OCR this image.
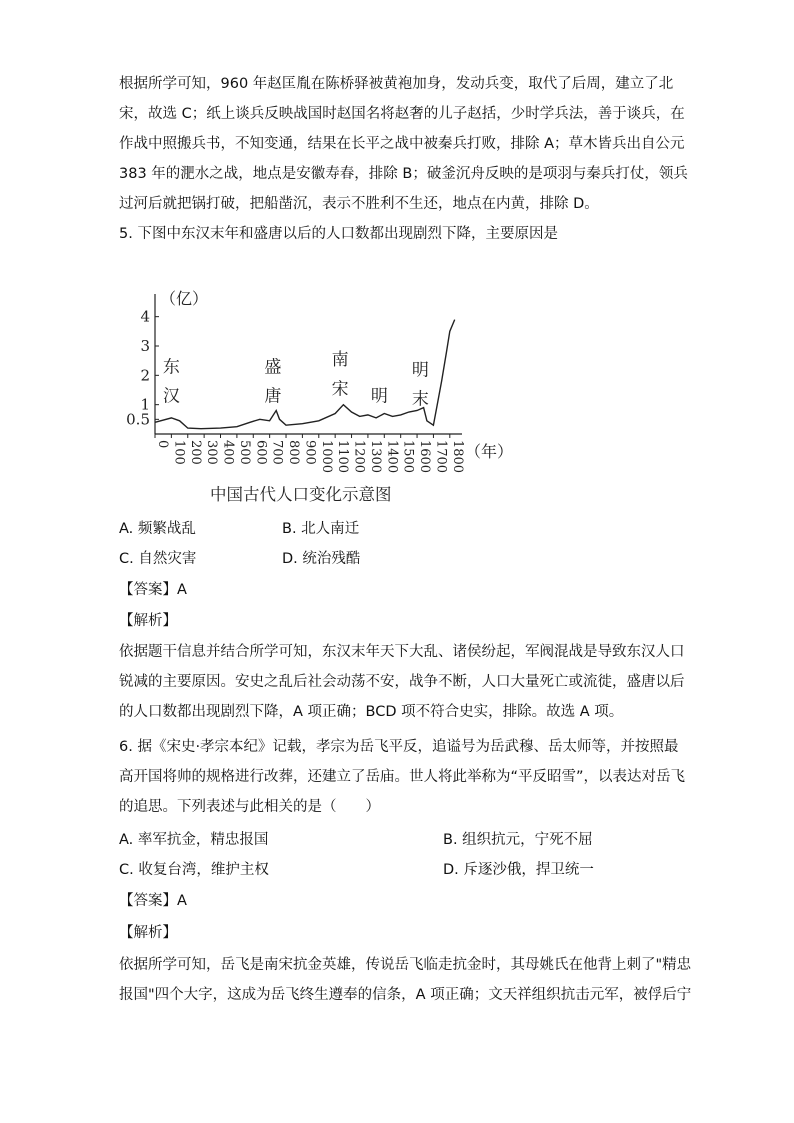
根据所学可知，960 年赵匡胤在陈桥驿被黄袍加身，发动兵变，取代了后周，建立了北
宋，故选 C；纸上谈兵反映战国时赵国名将赵奢的儿子赵括，少时学兵法，善于谈兵，在
作战中照搬兵书，不知变通，结果在长平之战中被秦兵打败，排除 A；草木皆兵出自公元
383 年的淝水之战，地点是安徽寿春，排除 B；破釜沉舟反映的是项羽与秦兵打仗，领兵
过河后就把锅打破，把船凿沉，表示不胜利不生还，地点在内黄，排除 D。
5. 下图中东汉末年和盛唐以后的人口数都出现剧烈下降，主要原因是
0.5
1
2
3
4
0 100 200 300 400 500 600 700 800 900 1000 1100 1200 1300 1400 1500 1600 1700 1800
东
汉
盛
唐
南
宋 明
明
末
（亿）
（年）
中国古代人口变化示意图
A. 频繁战乱	B. 北人南迁
C. 自然灾害	D. 统治残酷
【答案】A
【解析】
依据题干信息并结合所学可知，东汉末年天下大乱、诸侯纷起，军阀混战是导致东汉人口
锐减的主要原因。安史之乱后社会动荡不安，战争不断，人口大量死亡或流徙，盛唐以后
的人口数都出现剧烈下降，A 项正确；BCD 项不符合史实，排除。故选 A 项。
6. 据《宋史·孝宗本纪》记载，孝宗为岳飞平反，追谥号为岳武穆、岳太师等，并按照最
高开国将帅的规格进行改葬，还建立了岳庙。世人将此举称为“平反昭雪”，以表达对岳飞
的追思。下列表述与此相关的是（　　）
A. 率军抗金，精忠报国	B. 组织抗元，宁死不屈
C. 收复台湾，维护主权	D. 斥逐沙俄，捍卫统一
【答案】A
【解析】
依据所学可知，岳飞是南宋抗金英雄，传说岳飞临走抗金时，其母姚氏在他背上刺了"精忠
报国"四个大字，这成为岳飞终生遵奉的信条，A 项正确；文天祥组织抗击元军，被俘后宁
